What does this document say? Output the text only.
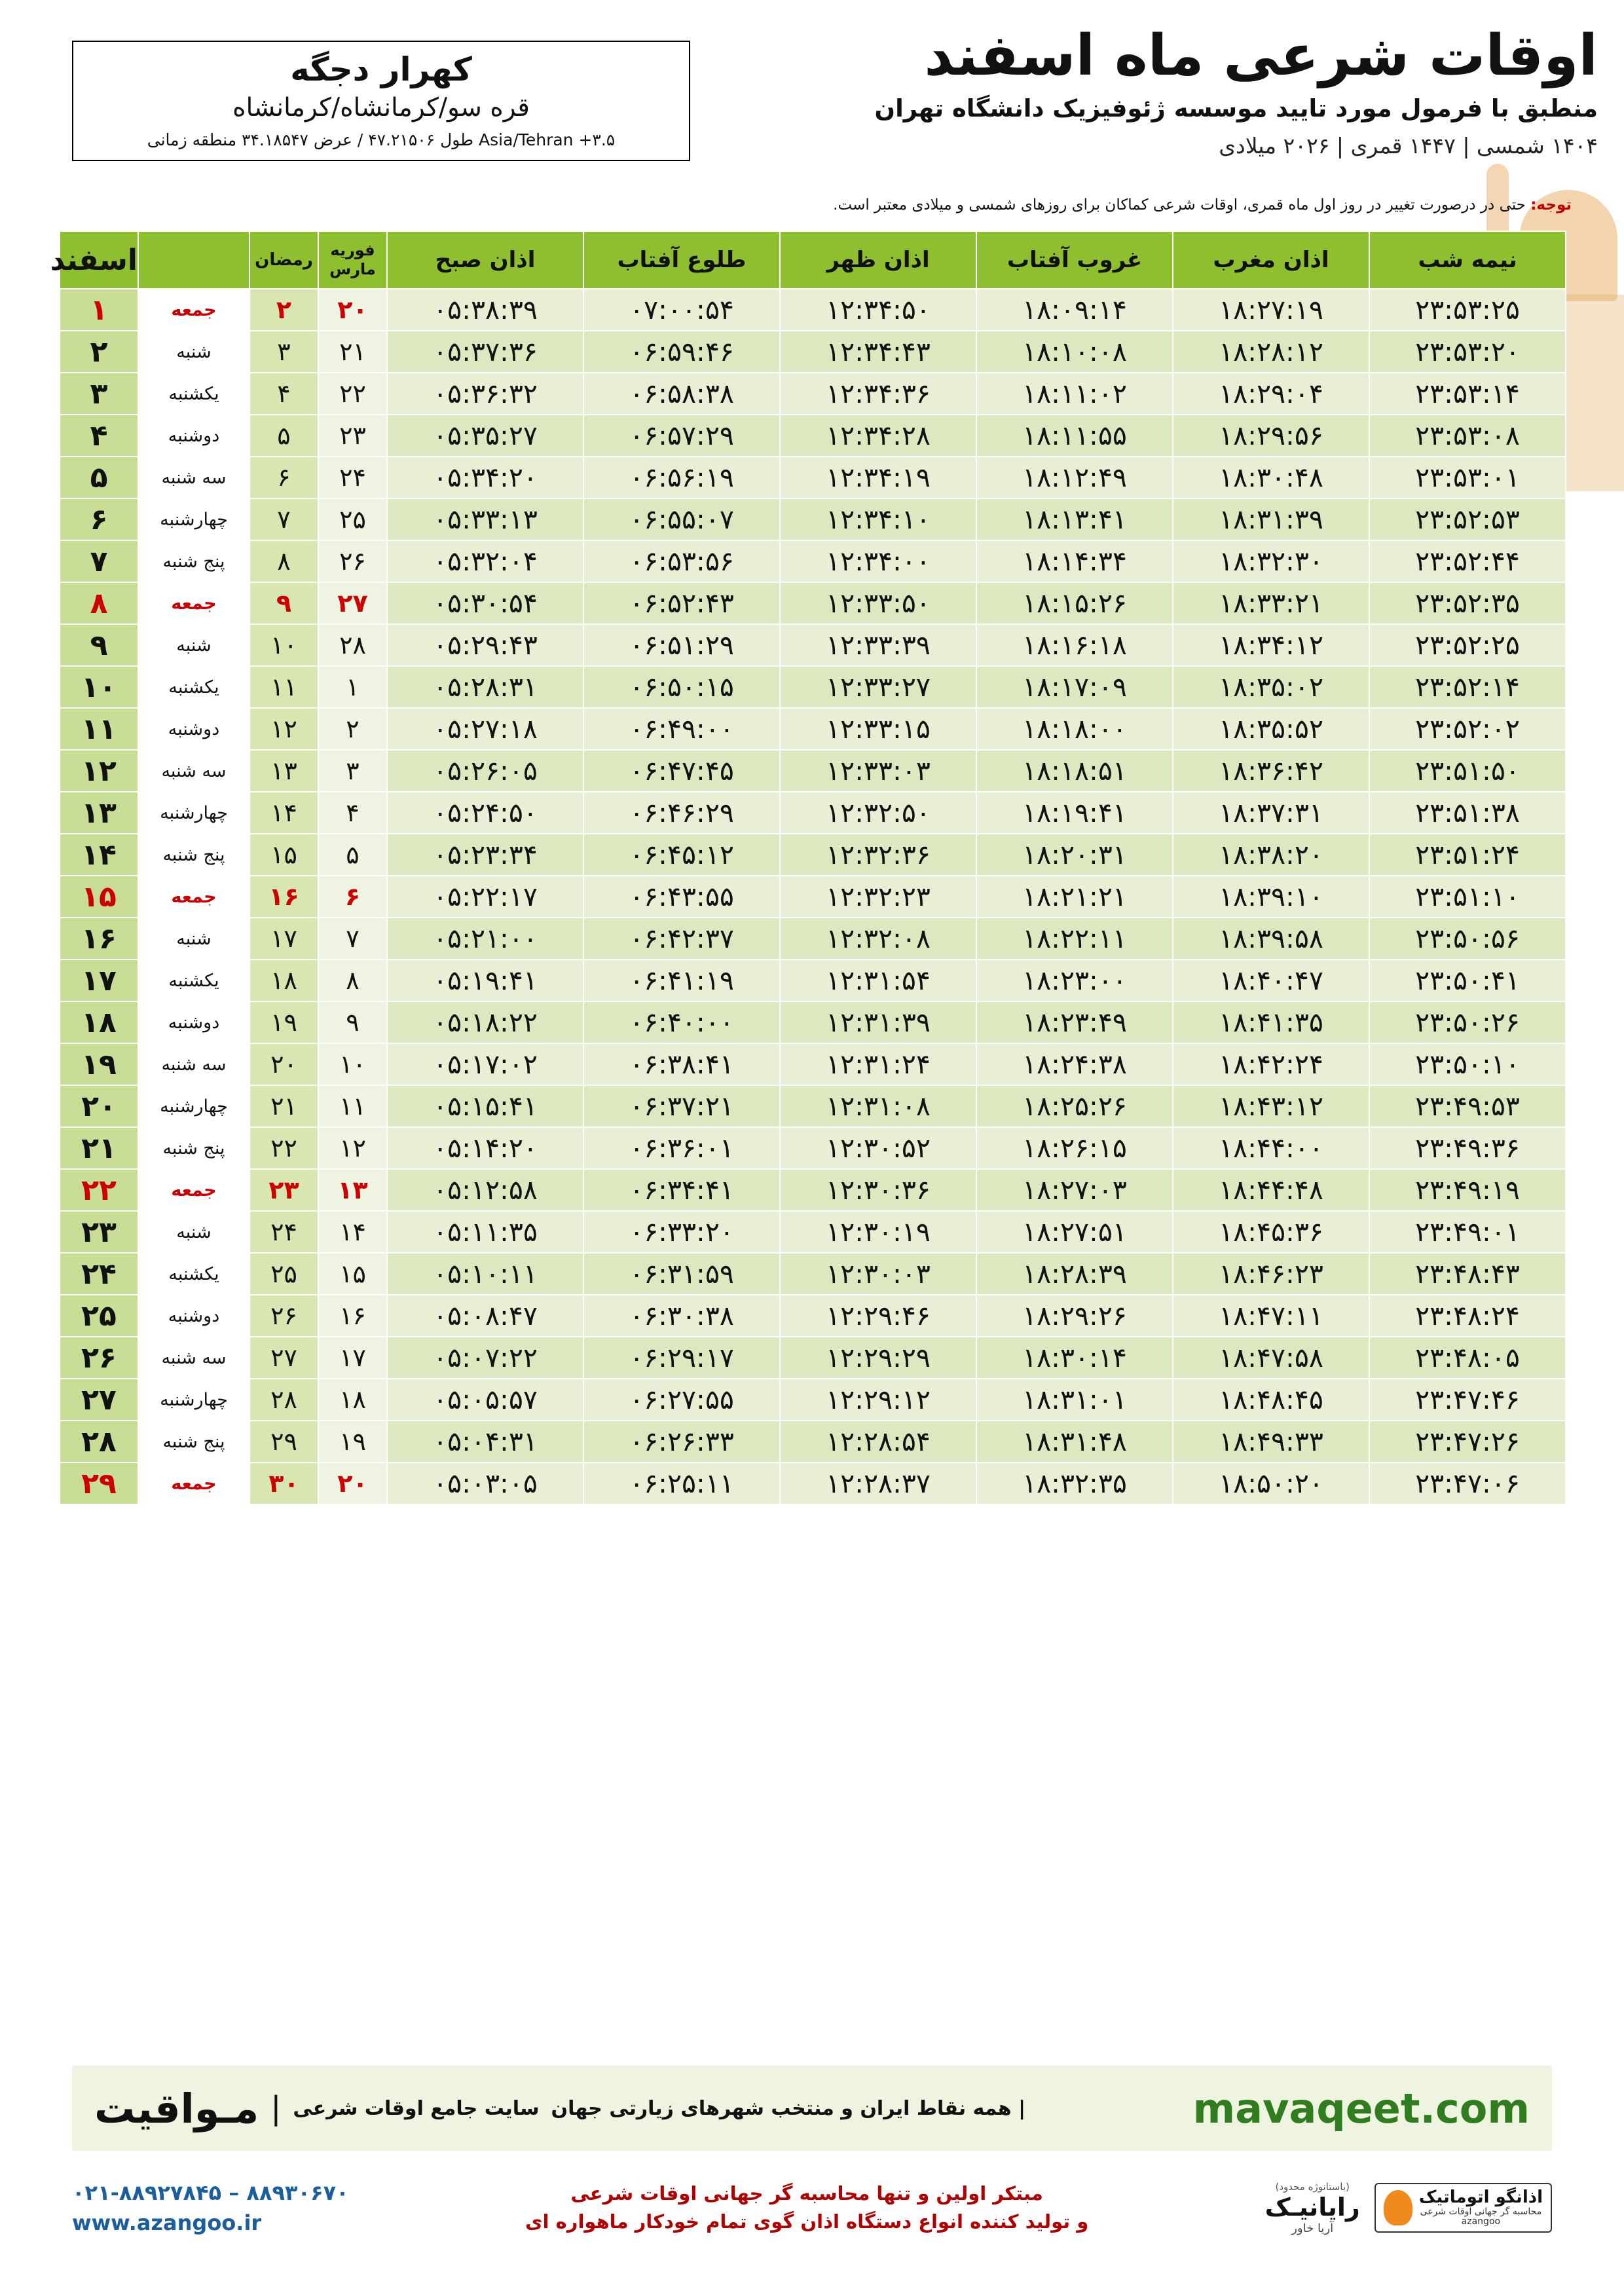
اوقات شرعی ماه اسفند
منطبق با فرمول مورد تایید موسسه ژئوفیزیک دانشگاه تهران
۱۴۰۴ شمسی | ۱۴۴۷ قمری | ۲۰۲۶ میلادی
کهرار دجگه
قره سو/کرمانشاه/کرمانشاه
طول ۴۷.۲۱۵۰۶ / عرض ۳۴.۱۸۵۴۷ منطقه زمانی Asia/Tehran +۳.۵
توجه: حتی در درصورت تغییر در روز اول ماه قمری، اوقات شرعی کماکان برای روزهای شمسی و میلادی معتبر است.
نیمه شب	اذان مغرب	غروب آفتاب	اذان ظهر	طلوع آفتاب	اذان صبح	فوریه مارس	رمضان		اسفند
۲۳:۵۳:۲۵	۱۸:۲۷:۱۹	۱۸:۰۹:۱۴	۱۲:۳۴:۵۰	۰۷:۰۰:۵۴	۰۵:۳۸:۳۹	۲۰	۲	جمعه	۱
۲۳:۵۳:۲۰	۱۸:۲۸:۱۲	۱۸:۱۰:۰۸	۱۲:۳۴:۴۳	۰۶:۵۹:۴۶	۰۵:۳۷:۳۶	۲۱	۳	شنبه	۲
۲۳:۵۳:۱۴	۱۸:۲۹:۰۴	۱۸:۱۱:۰۲	۱۲:۳۴:۳۶	۰۶:۵۸:۳۸	۰۵:۳۶:۳۲	۲۲	۴	یکشنبه	۳
۲۳:۵۳:۰۸	۱۸:۲۹:۵۶	۱۸:۱۱:۵۵	۱۲:۳۴:۲۸	۰۶:۵۷:۲۹	۰۵:۳۵:۲۷	۲۳	۵	دوشنبه	۴
۲۳:۵۳:۰۱	۱۸:۳۰:۴۸	۱۸:۱۲:۴۹	۱۲:۳۴:۱۹	۰۶:۵۶:۱۹	۰۵:۳۴:۲۰	۲۴	۶	سه شنبه	۵
۲۳:۵۲:۵۳	۱۸:۳۱:۳۹	۱۸:۱۳:۴۱	۱۲:۳۴:۱۰	۰۶:۵۵:۰۷	۰۵:۳۳:۱۳	۲۵	۷	چهارشنبه	۶
۲۳:۵۲:۴۴	۱۸:۳۲:۳۰	۱۸:۱۴:۳۴	۱۲:۳۴:۰۰	۰۶:۵۳:۵۶	۰۵:۳۲:۰۴	۲۶	۸	پنج شنبه	۷
۲۳:۵۲:۳۵	۱۸:۳۳:۲۱	۱۸:۱۵:۲۶	۱۲:۳۳:۵۰	۰۶:۵۲:۴۳	۰۵:۳۰:۵۴	۲۷	۹	جمعه	۸
۲۳:۵۲:۲۵	۱۸:۳۴:۱۲	۱۸:۱۶:۱۸	۱۲:۳۳:۳۹	۰۶:۵۱:۲۹	۰۵:۲۹:۴۳	۲۸	۱۰	شنبه	۹
۲۳:۵۲:۱۴	۱۸:۳۵:۰۲	۱۸:۱۷:۰۹	۱۲:۳۳:۲۷	۰۶:۵۰:۱۵	۰۵:۲۸:۳۱	۱	۱۱	یکشنبه	۱۰
۲۳:۵۲:۰۲	۱۸:۳۵:۵۲	۱۸:۱۸:۰۰	۱۲:۳۳:۱۵	۰۶:۴۹:۰۰	۰۵:۲۷:۱۸	۲	۱۲	دوشنبه	۱۱
۲۳:۵۱:۵۰	۱۸:۳۶:۴۲	۱۸:۱۸:۵۱	۱۲:۳۳:۰۳	۰۶:۴۷:۴۵	۰۵:۲۶:۰۵	۳	۱۳	سه شنبه	۱۲
۲۳:۵۱:۳۸	۱۸:۳۷:۳۱	۱۸:۱۹:۴۱	۱۲:۳۲:۵۰	۰۶:۴۶:۲۹	۰۵:۲۴:۵۰	۴	۱۴	چهارشنبه	۱۳
۲۳:۵۱:۲۴	۱۸:۳۸:۲۰	۱۸:۲۰:۳۱	۱۲:۳۲:۳۶	۰۶:۴۵:۱۲	۰۵:۲۳:۳۴	۵	۱۵	پنج شنبه	۱۴
۲۳:۵۱:۱۰	۱۸:۳۹:۱۰	۱۸:۲۱:۲۱	۱۲:۳۲:۲۳	۰۶:۴۳:۵۵	۰۵:۲۲:۱۷	۶	۱۶	جمعه	۱۵
۲۳:۵۰:۵۶	۱۸:۳۹:۵۸	۱۸:۲۲:۱۱	۱۲:۳۲:۰۸	۰۶:۴۲:۳۷	۰۵:۲۱:۰۰	۷	۱۷	شنبه	۱۶
۲۳:۵۰:۴۱	۱۸:۴۰:۴۷	۱۸:۲۳:۰۰	۱۲:۳۱:۵۴	۰۶:۴۱:۱۹	۰۵:۱۹:۴۱	۸	۱۸	یکشنبه	۱۷
۲۳:۵۰:۲۶	۱۸:۴۱:۳۵	۱۸:۲۳:۴۹	۱۲:۳۱:۳۹	۰۶:۴۰:۰۰	۰۵:۱۸:۲۲	۹	۱۹	دوشنبه	۱۸
۲۳:۵۰:۱۰	۱۸:۴۲:۲۴	۱۸:۲۴:۳۸	۱۲:۳۱:۲۴	۰۶:۳۸:۴۱	۰۵:۱۷:۰۲	۱۰	۲۰	سه شنبه	۱۹
۲۳:۴۹:۵۳	۱۸:۴۳:۱۲	۱۸:۲۵:۲۶	۱۲:۳۱:۰۸	۰۶:۳۷:۲۱	۰۵:۱۵:۴۱	۱۱	۲۱	چهارشنبه	۲۰
۲۳:۴۹:۳۶	۱۸:۴۴:۰۰	۱۸:۲۶:۱۵	۱۲:۳۰:۵۲	۰۶:۳۶:۰۱	۰۵:۱۴:۲۰	۱۲	۲۲	پنج شنبه	۲۱
۲۳:۴۹:۱۹	۱۸:۴۴:۴۸	۱۸:۲۷:۰۳	۱۲:۳۰:۳۶	۰۶:۳۴:۴۱	۰۵:۱۲:۵۸	۱۳	۲۳	جمعه	۲۲
۲۳:۴۹:۰۱	۱۸:۴۵:۳۶	۱۸:۲۷:۵۱	۱۲:۳۰:۱۹	۰۶:۳۳:۲۰	۰۵:۱۱:۳۵	۱۴	۲۴	شنبه	۲۳
۲۳:۴۸:۴۳	۱۸:۴۶:۲۳	۱۸:۲۸:۳۹	۱۲:۳۰:۰۳	۰۶:۳۱:۵۹	۰۵:۱۰:۱۱	۱۵	۲۵	یکشنبه	۲۴
۲۳:۴۸:۲۴	۱۸:۴۷:۱۱	۱۸:۲۹:۲۶	۱۲:۲۹:۴۶	۰۶:۳۰:۳۸	۰۵:۰۸:۴۷	۱۶	۲۶	دوشنبه	۲۵
۲۳:۴۸:۰۵	۱۸:۴۷:۵۸	۱۸:۳۰:۱۴	۱۲:۲۹:۲۹	۰۶:۲۹:۱۷	۰۵:۰۷:۲۲	۱۷	۲۷	سه شنبه	۲۶
۲۳:۴۷:۴۶	۱۸:۴۸:۴۵	۱۸:۳۱:۰۱	۱۲:۲۹:۱۲	۰۶:۲۷:۵۵	۰۵:۰۵:۵۷	۱۸	۲۸	چهارشنبه	۲۷
۲۳:۴۷:۲۶	۱۸:۴۹:۳۳	۱۸:۳۱:۴۸	۱۲:۲۸:۵۴	۰۶:۲۶:۳۳	۰۵:۰۴:۳۱	۱۹	۲۹	پنج شنبه	۲۸
۲۳:۴۷:۰۶	۱۸:۵۰:۲۰	۱۸:۳۲:۳۵	۱۲:۲۸:۳۷	۰۶:۲۵:۱۱	۰۵:۰۳:۰۵	۲۰	۳۰	جمعه	۲۹
mavaqeet.com
| همه نقاط ایران و منتخب شهرهای زیارتی جهان
سایت جامع اوقات شرعی
|
مـواقیت
اذانگو اتوماتیک
محاسبه گر جهانی اوقات شرعی
azangoo
(باستانوژه محدود)
رایانیـک
آریا خاور
مبتکر اولین و تنها محاسبه گر جهانی اوقات شرعی
و تولید کننده انواع دستگاه اذان گوی تمام خودکار ماهواره ای
۰۲۱-۸۸۹۲۷۸۴۵ – ۸۸۹۳۰۶۷۰
www.azangoo.ir
